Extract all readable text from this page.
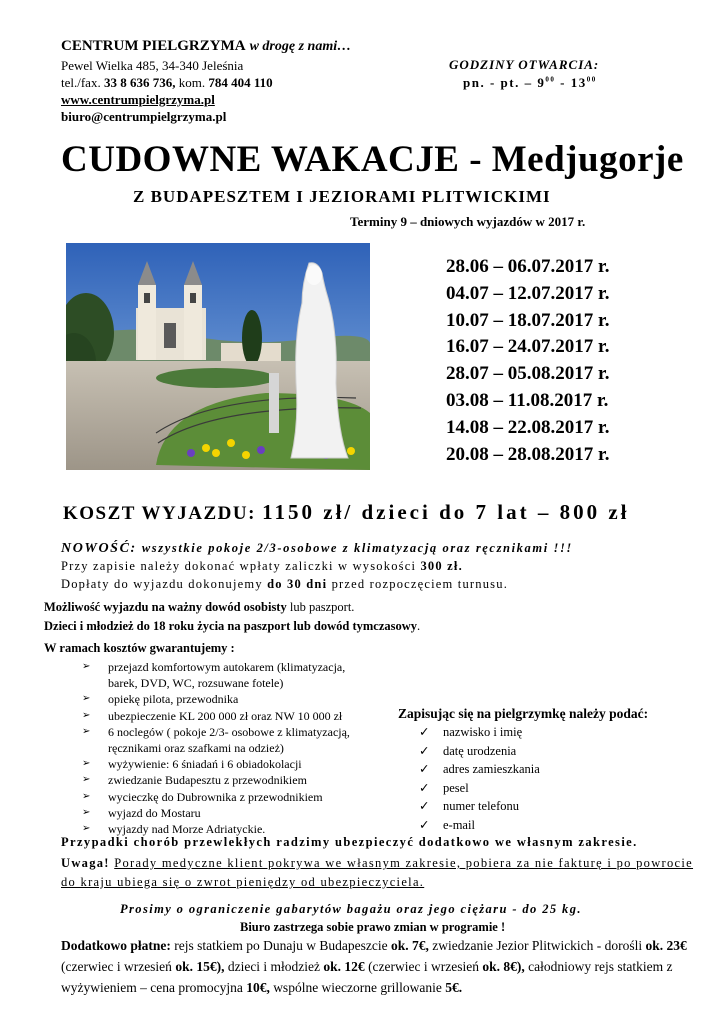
CENTRUM PIELGRZYMA w drogę z nami…
Pewel Wielka 485, 34-340 Jeleśnia
tel./fax. 33 8 636 736, kom. 784 404 110
www.centrumpielgrzyma.pl
biuro@centrumpielgrzyma.pl
GODZINY OTWARCIA:
pn. - pt. – $9^{00} - 13^{00}$
CUDOWNE WAKACJE - Medjugorje
Z BUDAPESZTEM I JEZIORAMI PLITWICKIMI
Terminy 9 – dniowych wyjazdów w 2017 r.
28.06 – 06.07.2017 r.
04.07 – 12.07.2017 r.
10.07 – 18.07.2017 r.
16.07 – 24.07.2017 r.
28.07 – 05.08.2017 r.
03.08 – 11.08.2017 r.
14.08 – 22.08.2017 r.
20.08 – 28.08.2017 r.
KOSZT WYJAZDU: 1150 zł/ dzieci do 7 lat – 800 zł
NOWOŚĆ: wszystkie pokoje 2/3-osobowe z klimatyzacją oraz ręcznikami !!!
Przy zapisie należy dokonać wpłaty zaliczki w wysokości 300 zł.
Dopłaty do wyjazdu dokonujemy do 30 dni przed rozpoczęciem turnusu.
Możliwość wyjazdu na ważny dowód osobisty lub paszport.
Dzieci i młodzież do 18 roku życia na paszport lub dowód tymczasowy.
W ramach kosztów gwarantujemy :
➢ przejazd komfortowym autokarem (klimatyzacja, barek, DVD, WC, rozsuwane fotele)
➢ opiekę pilota, przewodnika
➢ ubezpieczenie KL 200 000 zł oraz NW 10 000 zł
➢ 6 noclegów ( pokoje 2/3- osobowe z klimatyzacją, ręcznikami oraz szafkami na odzież)
➢ wyżywienie: 6 śniadań i 6 obiadokolacji
➢ zwiedzanie Budapesztu z przewodnikiem
➢ wycieczkę do Dubrownika z przewodnikiem
➢ wyjazd do Mostaru
➢ wyjazdy nad Morze Adriatyckie.
Zapisując się na pielgrzymkę należy podać:
✓ nazwisko i imię
✓ datę urodzenia
✓ adres zamieszkania
✓ pesel
✓ numer telefonu
✓ e-mail
Przypadki chorób przewlekłych radzimy ubezpieczyć dodatkowo we własnym zakresie.
Uwaga! Porady medyczne klient pokrywa we własnym zakresie, pobiera za nie fakturę i po powrocie do kraju ubiega się o zwrot pieniędzy od ubezpieczyciela.
Prosimy o ograniczenie gabarytów bagażu oraz jego ciężaru - do 25 kg.
Biuro zastrzega sobie prawo zmian w programie !
Dodatkowo płatne: rejs statkiem po Dunaju w Budapeszcie ok. 7€, zwiedzanie Jezior Plitwickich - dorośli ok. 23€ (czerwiec i wrzesień ok. 15€), dzieci i młodzież ok. 12€ (czerwiec i wrzesień ok. 8€), całodniowy rejs statkiem z wyżywieniem – cena promocyjna 10€, wspólne wieczorne grillowanie 5€.
